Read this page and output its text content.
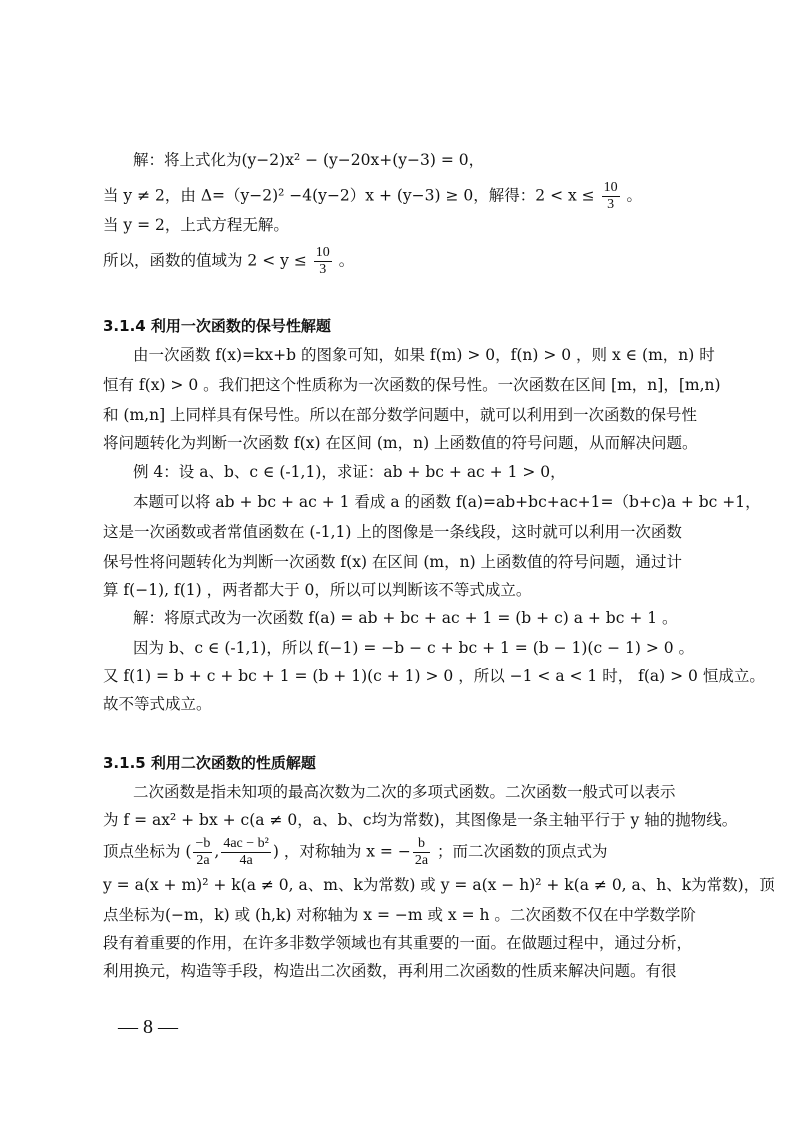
解：将上式化为(y−2)x² − (y−20x+(y−3) = 0，
当 y ≠ 2，由 Δ=（y−2)² −4(y−2）x + (y−3) ≥ 0，解得：$2 < x \le \frac{10}{3}$ 。
当 y = 2，上式方程无解。
所以，函数的值域为 $2 < y \le \frac{10}{3}$ 。
3.1.4 利用一次函数的保号性解题
由一次函数 f(x)=kx+b 的图象可知，如果 f(m) > 0，f(n) > 0 ，则 x ∈ (m，n) 时
恒有 f(x) > 0 。我们把这个性质称为一次函数的保号性。一次函数在区间 [m，n]，[m,n)
和 (m,n] 上同样具有保号性。所以在部分数学问题中，就可以利用到一次函数的保号性
将问题转化为判断一次函数 f(x) 在区间 (m，n) 上函数值的符号问题，从而解决问题。
例 4：设 a、b、c ∈ (-1,1)，求证：ab + bc + ac + 1 > 0，
本题可以将 ab + bc + ac + 1 看成 a 的函数 f(a)=ab+bc+ac+1=（b+c)a + bc +1，
这是一次函数或者常值函数在 (-1,1) 上的图像是一条线段，这时就可以利用一次函数
保号性将问题转化为判断一次函数 f(x) 在区间 (m，n) 上函数值的符号问题，通过计
算 f(−1), f(1) ，两者都大于 0，所以可以判断该不等式成立。
解：将原式改为一次函数 f(a) = ab + bc + ac + 1 = (b + c) a + bc + 1 。
因为 b、c ∈ (-1,1)，所以 f(−1) = −b − c + bc + 1 = (b − 1)(c − 1) > 0 。
又 f(1) = b + c + bc + 1 = (b + 1)(c + 1) > 0 ，所以 −1 < a < 1 时， f(a) > 0 恒成立。
故不等式成立。
3.1.5 利用二次函数的性质解题
二次函数是指未知项的最高次数为二次的多项式函数。二次函数一般式可以表示
为 f = ax² + bx + c(a ≠ 0，a、b、c均为常数)，其图像是一条主轴平行于 y 轴的抛物线。
顶点坐标为 ( $\frac{-b}{2a}$ , $\frac{\text{4ac − b²}}{4a}$ ) ，对称轴为 x = − $\frac{b}{2a}$ ；而二次函数的顶点式为
y = a(x + m)² + k(a ≠ 0, a、m、k为常数) 或 y = a(x − h)² + k(a ≠ 0, a、h、k为常数)，顶
点坐标为(−m，k) 或 (h,k) 对称轴为 x = −m 或 x = h 。二次函数不仅在中学数学阶
段有着重要的作用，在许多非数学领域也有其重要的一面。在做题过程中，通过分析，
利用换元，构造等手段，构造出二次函数，再利用二次函数的性质来解决问题。有很
— 8 —
